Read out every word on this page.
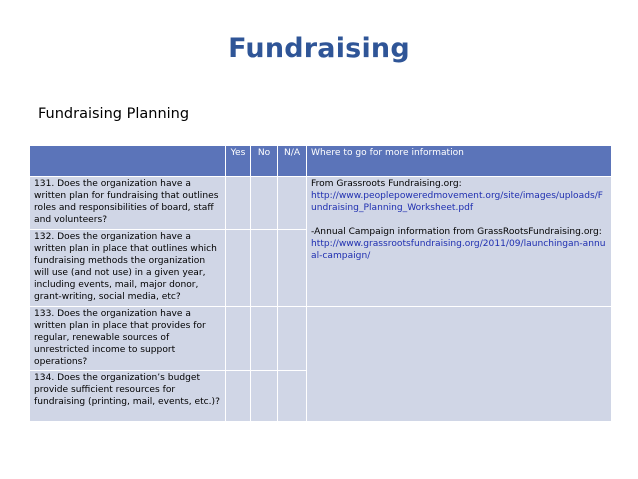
Fundraising
Fundraising Planning
	Yes	No	N/A	Where to go for more information
131. Does the organization have a written plan for fundraising that outlines roles and responsibilities of board, staff and volunteers?				From Grassroots Fundraising.org:
http://www.peoplepoweredmovement.org/site/images/uploads/Fundraising_Planning_Worksheet.pdf
-Annual Campaign information from GrassRootsFundraising.org:
http://www.grassrootsfundraising.org/2011/09/launchingan-annual-campaign/
132. Does the organization have a written plan in place that outlines which fundraising methods the organization will use (and not use) in a given year, including events, mail, major donor, grant-writing, social media, etc?				
133. Does the organization have a written plan in place that provides for regular, renewable sources of unrestricted income to support operations?				
134. Does the organization’s budget provide sufficient resources for fundraising (printing, mail, events, etc.)?				
